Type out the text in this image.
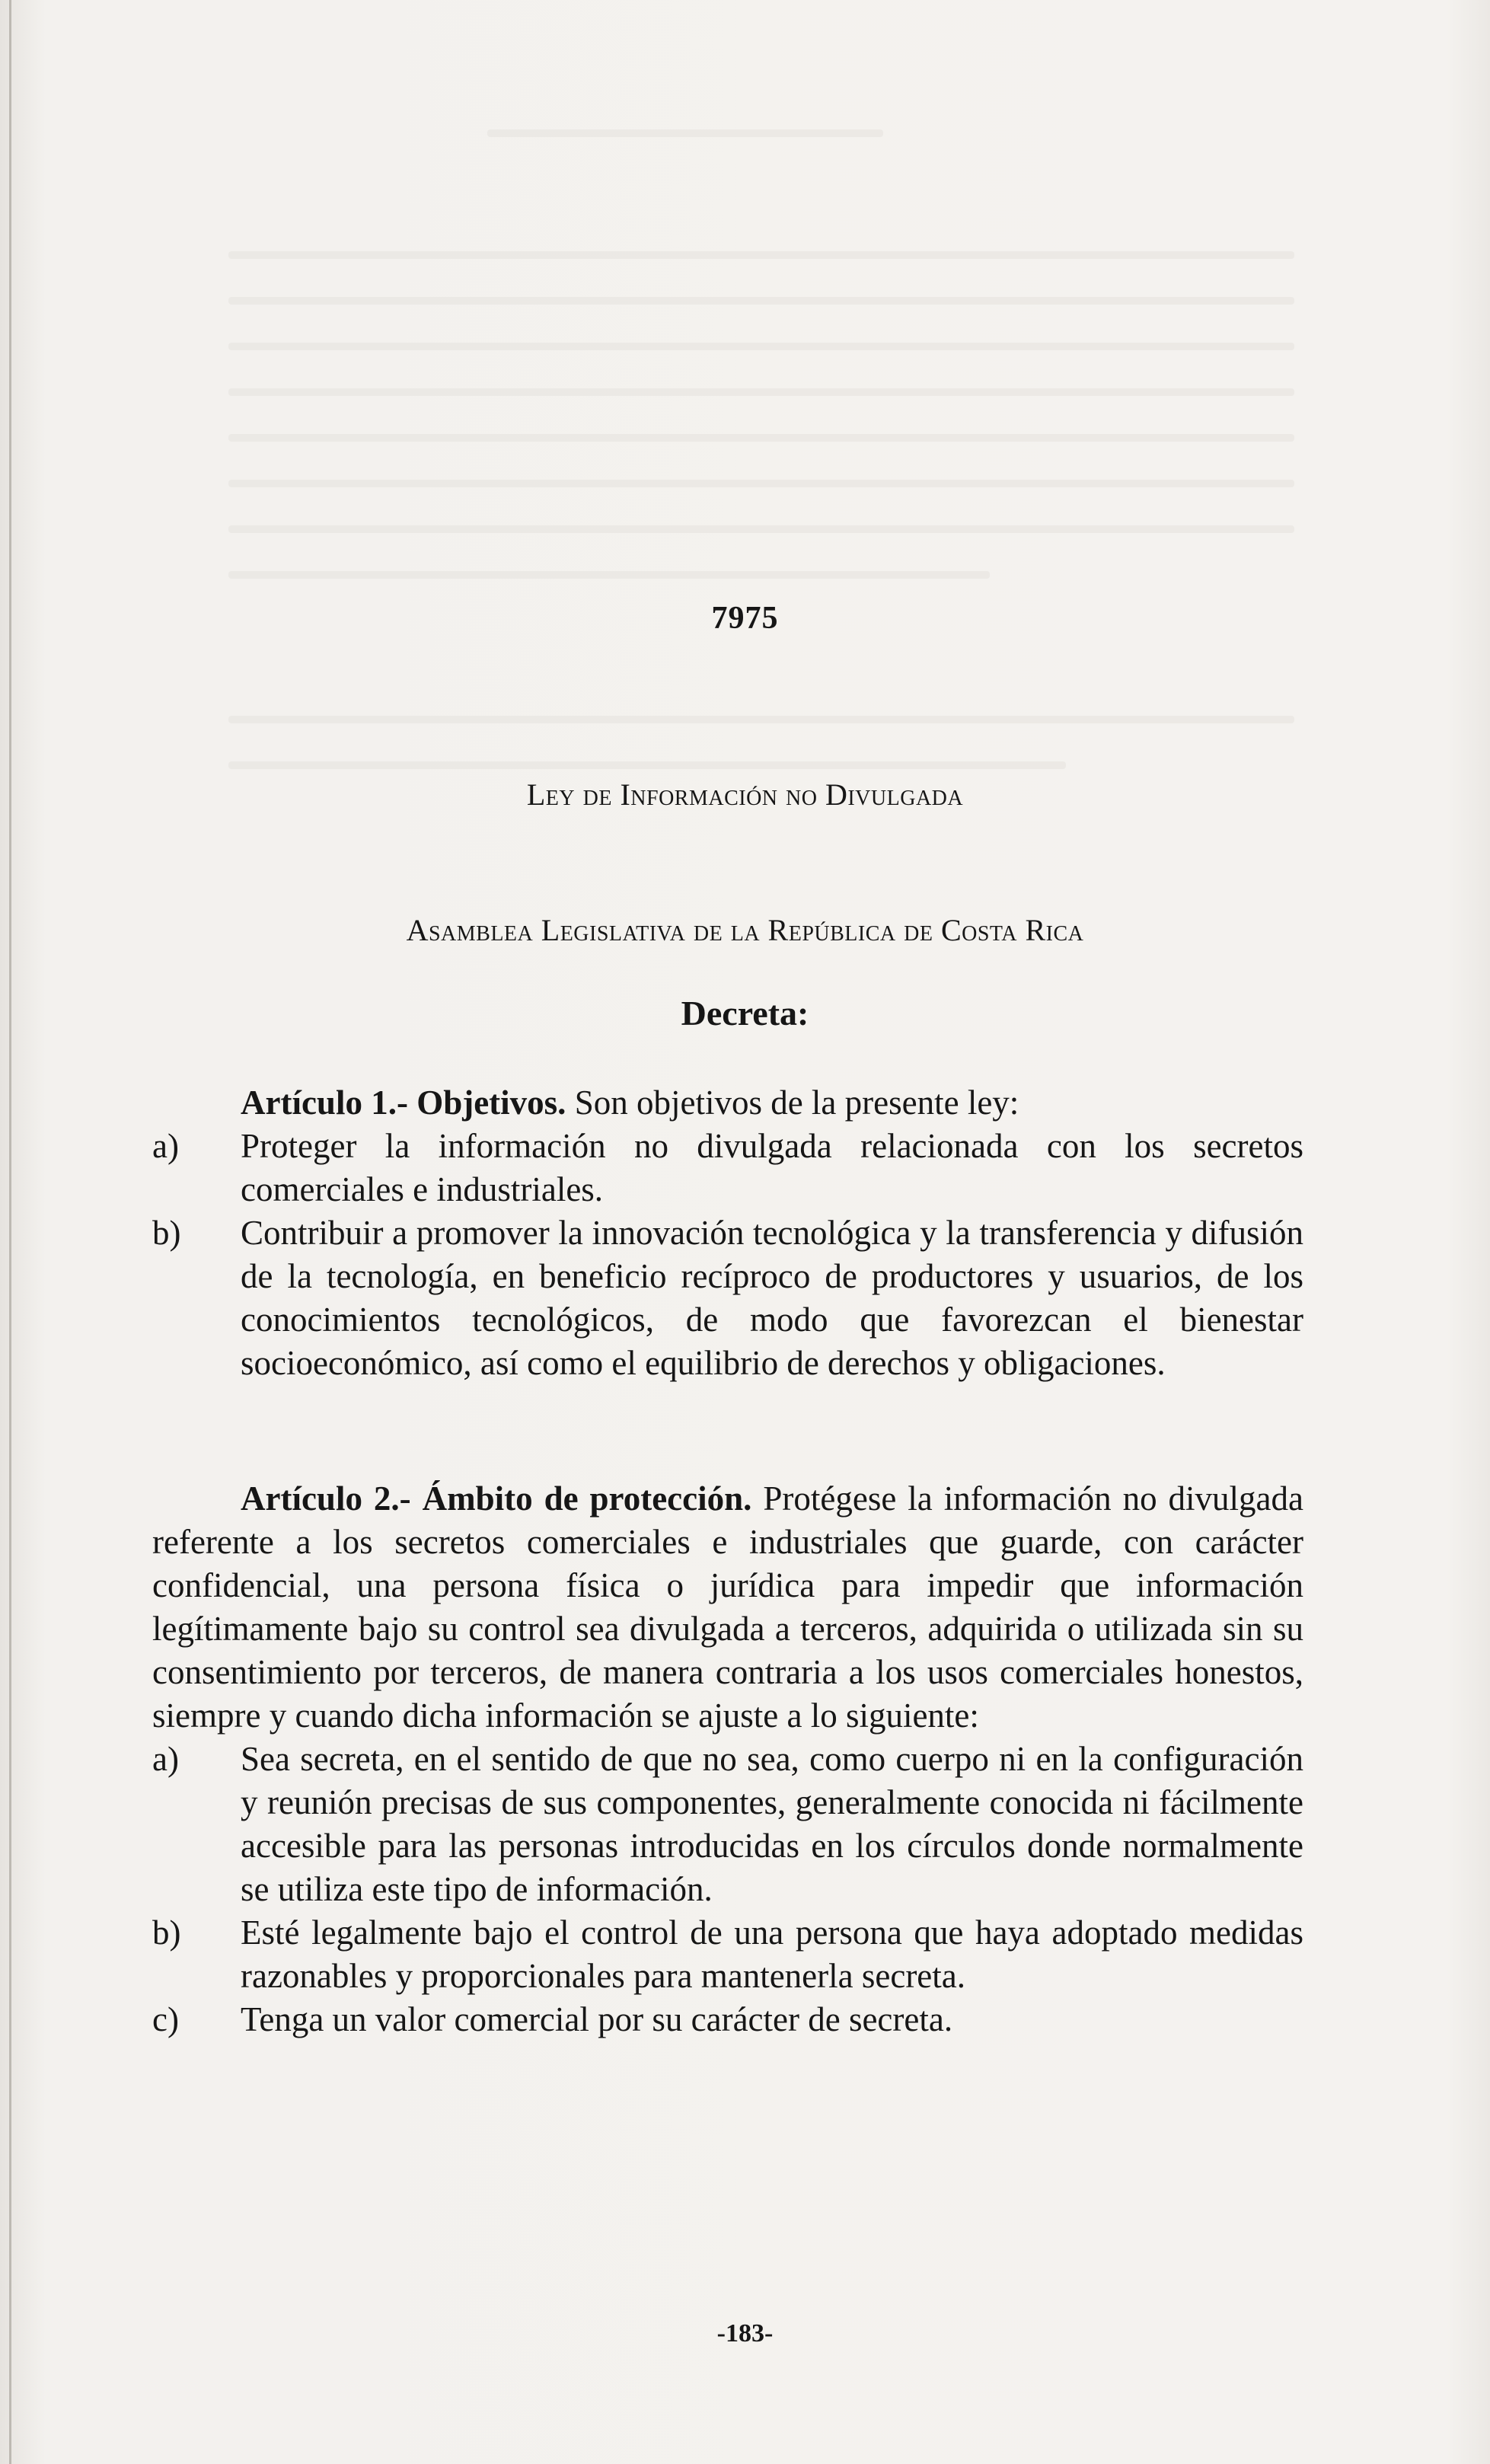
7975
Ley de Información no Divulgada
Asamblea Legislativa de la República de Costa Rica
Decreta:
Artículo 1.- Objetivos. Son objetivos de la presente ley:
a) Proteger la información no divulgada relacionada con los secretos comerciales e industriales.
b) Contribuir a promover la innovación tecnológica y la transferencia y difusión de la tecnología, en beneficio recíproco de productores y usuarios, de los conocimientos tecnológicos, de modo que favorezcan el bienestar socioeconómico, así como el equilibrio de derechos y obligaciones.
Artículo 2.- Ámbito de protección. Protégese la información no divulgada referente a los secretos comerciales e industriales que guarde, con carácter confidencial, una persona física o jurídica para impedir que información legítimamente bajo su control sea divulgada a terceros, adquirida o utilizada sin su consentimiento por terceros, de manera contraria a los usos comerciales honestos, siempre y cuando dicha información se ajuste a lo siguiente:
a) Sea secreta, en el sentido de que no sea, como cuerpo ni en la configuración y reunión precisas de sus componentes, generalmente conocida ni fácilmente accesible para las personas introducidas en los círculos donde normalmente se utiliza este tipo de información.
b) Esté legalmente bajo el control de una persona que haya adoptado medidas razonables y proporcionales para mantenerla secreta.
c) Tenga un valor comercial por su carácter de secreta.
-183-
